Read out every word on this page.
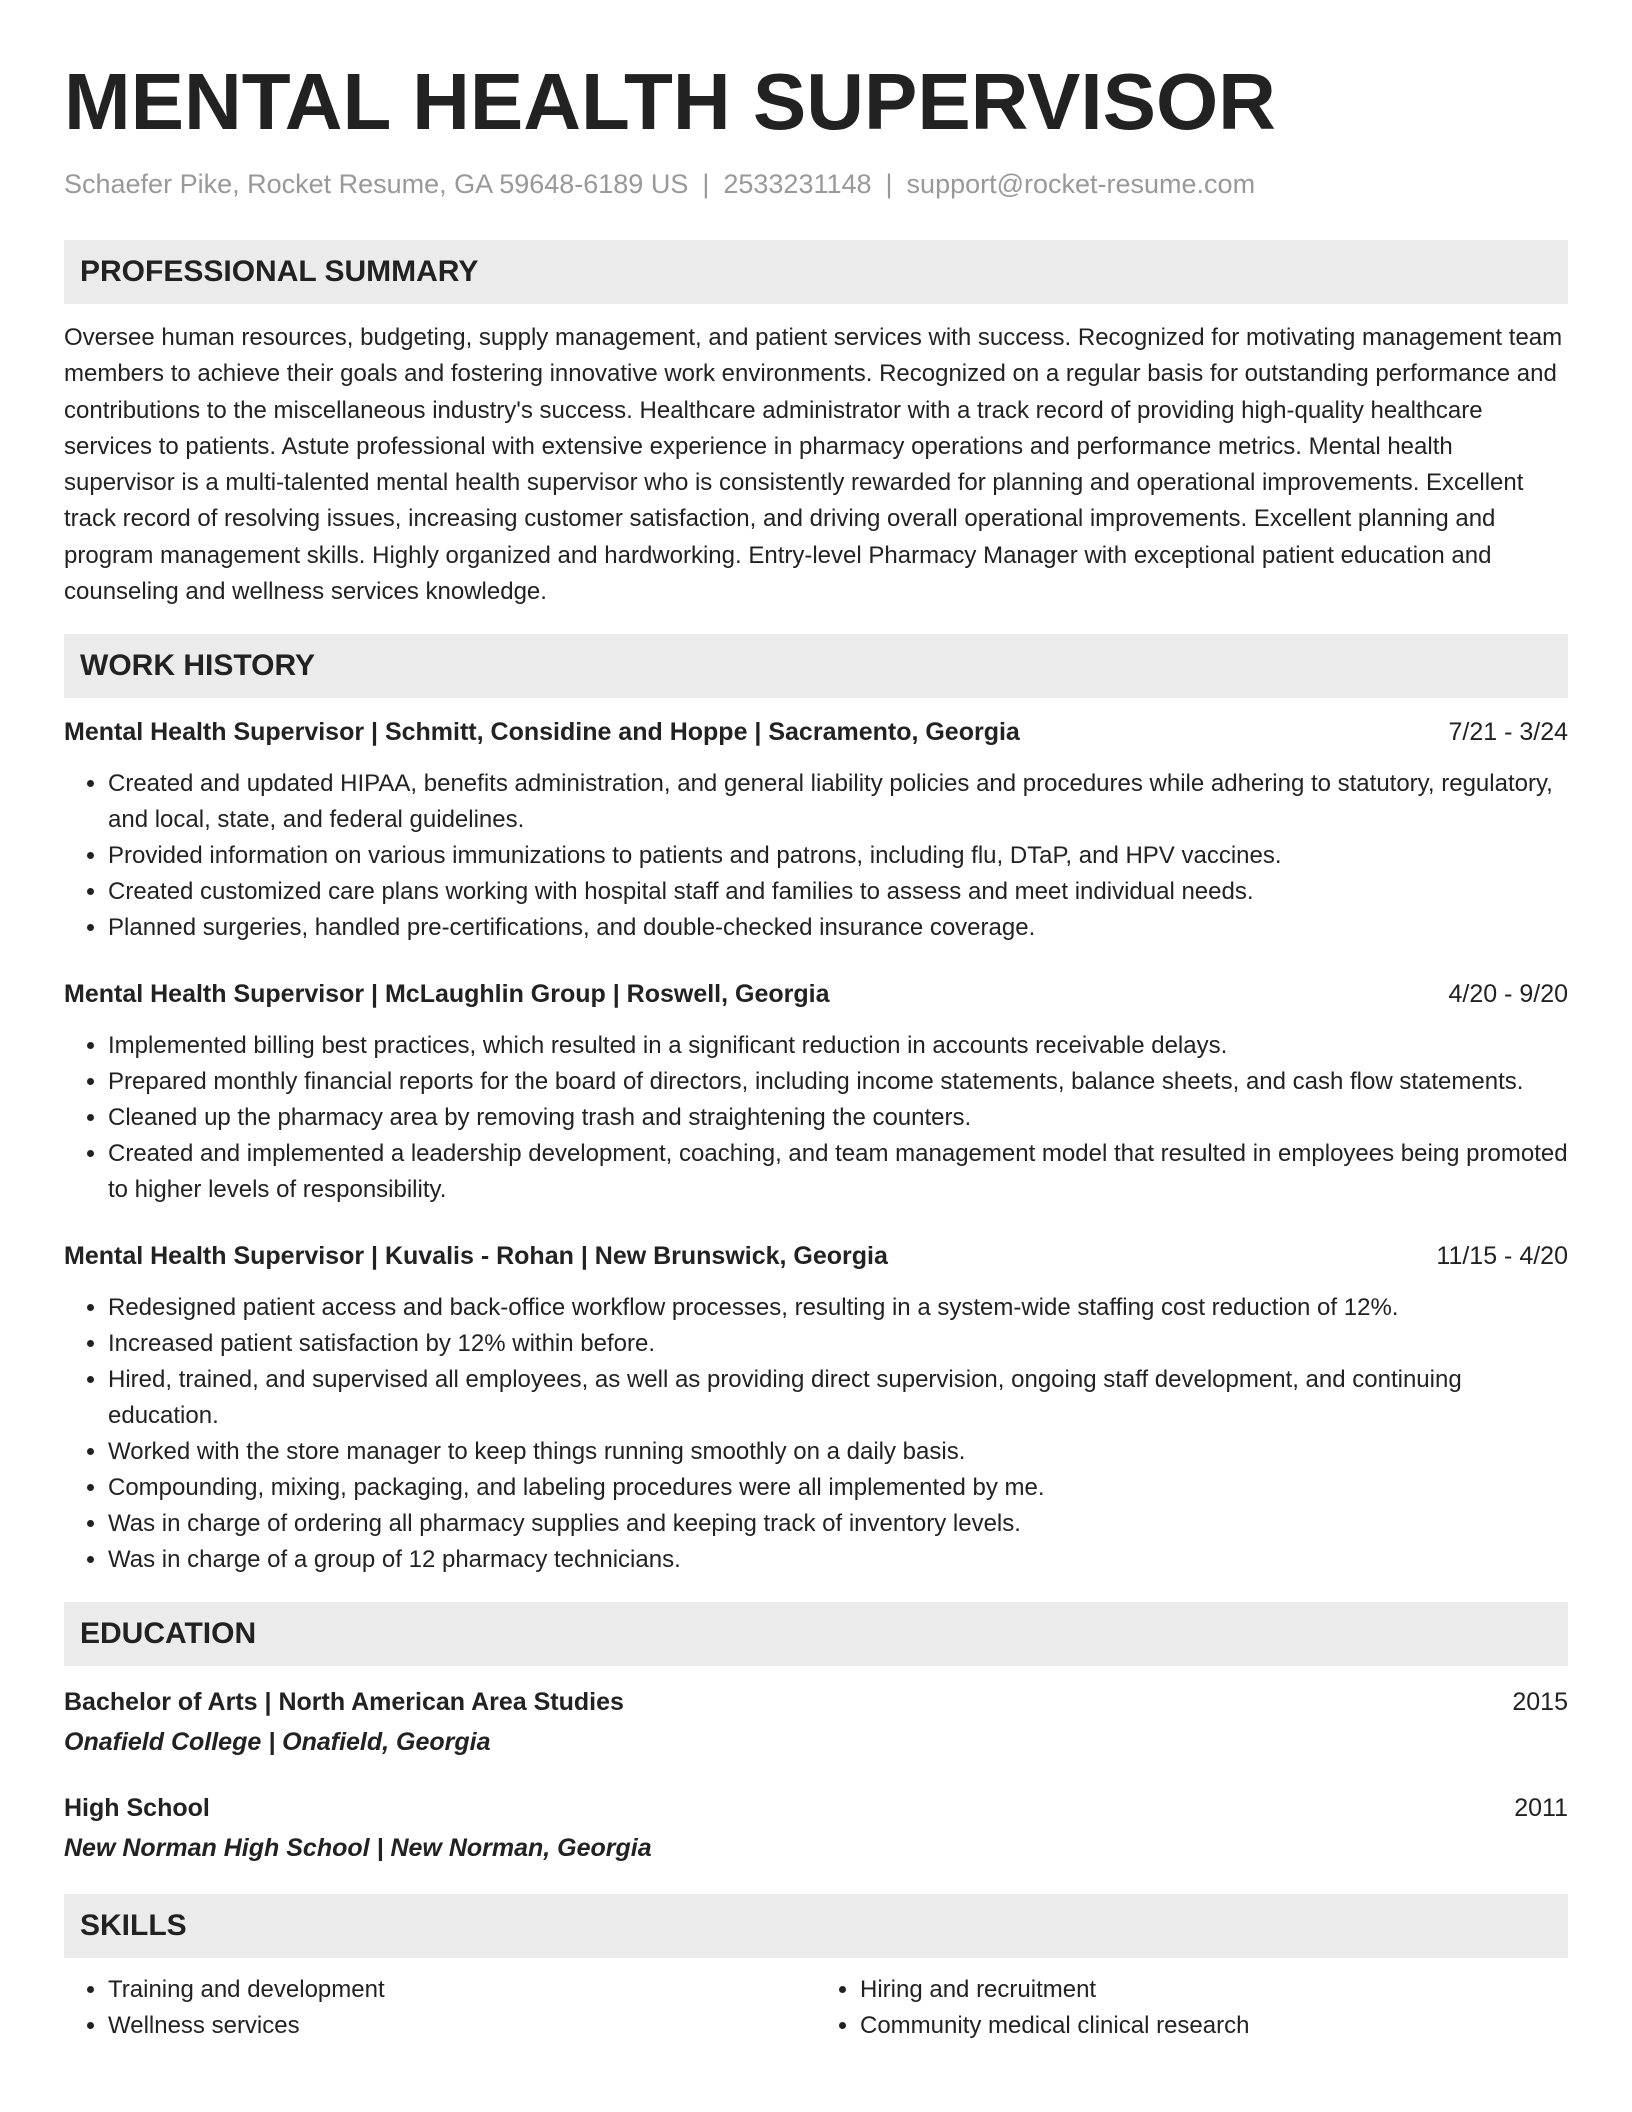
MENTAL HEALTH SUPERVISOR
Schaefer Pike, Rocket Resume, GA 59648-6189 US | 2533231148 | support@rocket-resume.com
PROFESSIONAL SUMMARY
Oversee human resources, budgeting, supply management, and patient services with success. Recognized for motivating management team members to achieve their goals and fostering innovative work environments. Recognized on a regular basis for outstanding performance and contributions to the miscellaneous industry's success. Healthcare administrator with a track record of providing high-quality healthcare services to patients. Astute professional with extensive experience in pharmacy operations and performance metrics. Mental health supervisor is a multi-talented mental health supervisor who is consistently rewarded for planning and operational improvements. Excellent track record of resolving issues, increasing customer satisfaction, and driving overall operational improvements. Excellent planning and program management skills. Highly organized and hardworking. Entry-level Pharmacy Manager with exceptional patient education and counseling and wellness services knowledge.
WORK HISTORY
Mental Health Supervisor | Schmitt, Considine and Hoppe | Sacramento, Georgia	7/21 - 3/24
• Created and updated HIPAA, benefits administration, and general liability policies and procedures while adhering to statutory, regulatory, and local, state, and federal guidelines.
• Provided information on various immunizations to patients and patrons, including flu, DTaP, and HPV vaccines.
• Created customized care plans working with hospital staff and families to assess and meet individual needs.
• Planned surgeries, handled pre-certifications, and double-checked insurance coverage.
Mental Health Supervisor | McLaughlin Group | Roswell, Georgia	4/20 - 9/20
• Implemented billing best practices, which resulted in a significant reduction in accounts receivable delays.
• Prepared monthly financial reports for the board of directors, including income statements, balance sheets, and cash flow statements.
• Cleaned up the pharmacy area by removing trash and straightening the counters.
• Created and implemented a leadership development, coaching, and team management model that resulted in employees being promoted to higher levels of responsibility.
Mental Health Supervisor | Kuvalis - Rohan | New Brunswick, Georgia	11/15 - 4/20
• Redesigned patient access and back-office workflow processes, resulting in a system-wide staffing cost reduction of 12%.
• Increased patient satisfaction by 12% within before.
• Hired, trained, and supervised all employees, as well as providing direct supervision, ongoing staff development, and continuing education.
• Worked with the store manager to keep things running smoothly on a daily basis.
• Compounding, mixing, packaging, and labeling procedures were all implemented by me.
• Was in charge of ordering all pharmacy supplies and keeping track of inventory levels.
• Was in charge of a group of 12 pharmacy technicians.
EDUCATION
Bachelor of Arts | North American Area Studies	2015
Onafield College | Onafield, Georgia
High School	2011
New Norman High School | New Norman, Georgia
SKILLS
• Training and development
• Wellness services
• Hiring and recruitment
• Community medical clinical research
